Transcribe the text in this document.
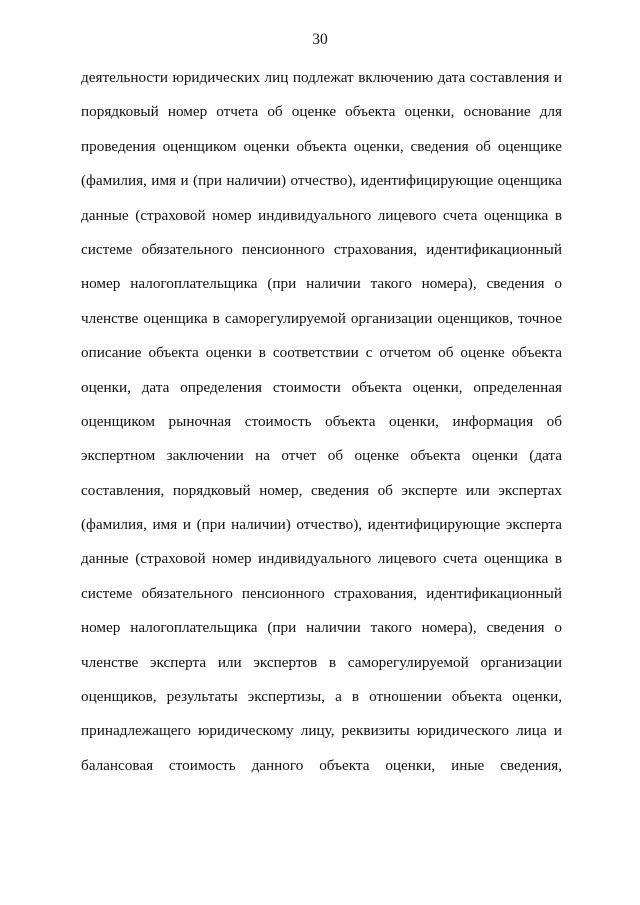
30
деятельности юридических лиц подлежат включению дата составления и
порядковый номер отчета об оценке объекта оценки, основание для
проведения оценщиком оценки объекта оценки, сведения об оценщике
(фамилия, имя и (при наличии) отчество), идентифицирующие оценщика
данные (страховой номер индивидуального лицевого счета оценщика в
системе обязательного пенсионного страхования, идентификационный
номер налогоплательщика (при наличии такого номера), сведения о
членстве оценщика в саморегулируемой организации оценщиков, точное
описание объекта оценки в соответствии с отчетом об оценке объекта
оценки, дата определения стоимости объекта оценки, определенная
оценщиком рыночная стоимость объекта оценки, информация об
экспертном заключении на отчет об оценке объекта оценки (дата
составления, порядковый номер, сведения об эксперте или экспертах
(фамилия, имя и (при наличии) отчество), идентифицирующие эксперта
данные (страховой номер индивидуального лицевого счета оценщика в
системе обязательного пенсионного страхования, идентификационный
номер налогоплательщика (при наличии такого номера), сведения о
членстве эксперта или экспертов в саморегулируемой организации
оценщиков, результаты экспертизы, а в отношении объекта оценки,
принадлежащего юридическому лицу, реквизиты юридического лица и
балансовая стоимость данного объекта оценки, иные сведения,
